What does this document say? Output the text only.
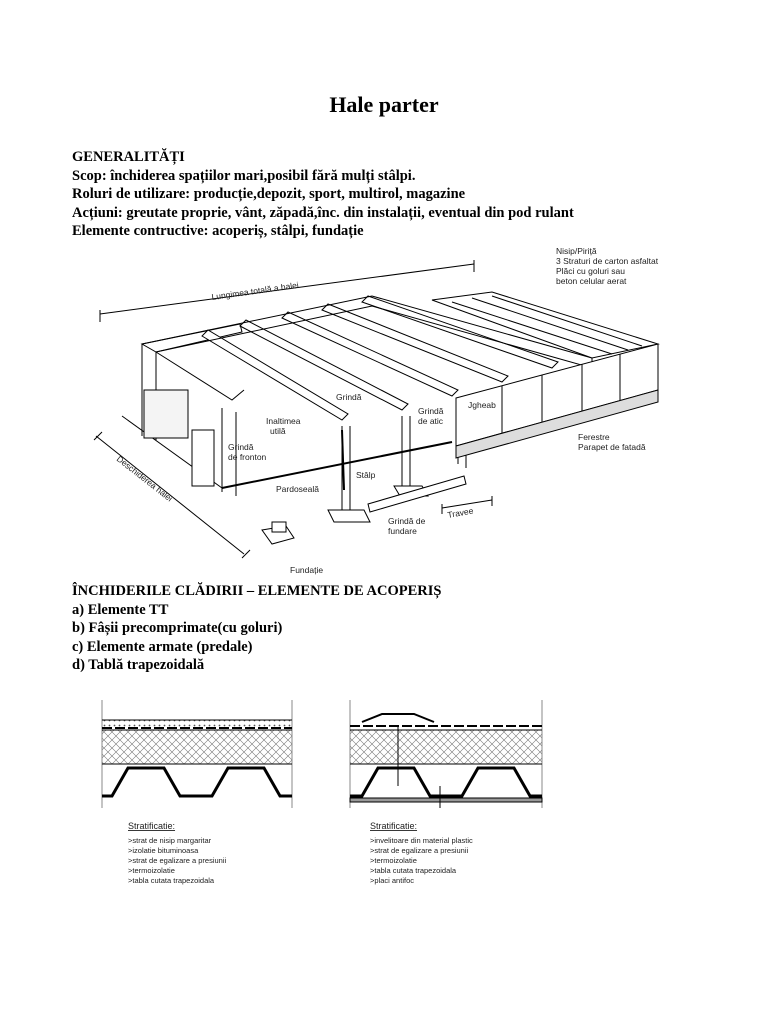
Hale parter
GENERALITĂȚI
Scop: închiderea spațiilor mari,posibil fără mulți stâlpi.
Roluri de utilizare: producție,depozit, sport, multirol, magazine
Acțiuni: greutate proprie, vânt, zăpadă,înc. din instalații, eventual din pod rulant
Elemente contructive: acoperiș, stâlpi, fundație
Lungimea totală a halei
Nisip/Piriță
3 Straturi de carton asfaltat
Plăci cu goluri sau
beton celular aerat
Grindă
Jgheab
Grindă
de atic
Inaltimea
utilă
Grindă
de fronton
Pardoseală
Stâlp
Ferestre
Parapet de fatadă
Travee
Grindă de
fundare
Fundație
Deschiderea halei
ÎNCHIDERILE CLĂDIRII – ELEMENTE DE ACOPERIȘ
a) Elemente TT
b) Fâșii precomprimate(cu goluri)
c) Elemente armate (predale)
d) Tablă trapezoidală
Stratificatie:
>strat de nisip margaritar
>izolatie bituminoasa
>strat de egalizare a presiunii
>termoizolatie
>tabla cutata trapezoidala
Stratificatie:
>invelitoare din material plastic
>strat de egalizare a presiunii
>termoizolatie
>tabla cutata trapezoidala
>placi antifoc
